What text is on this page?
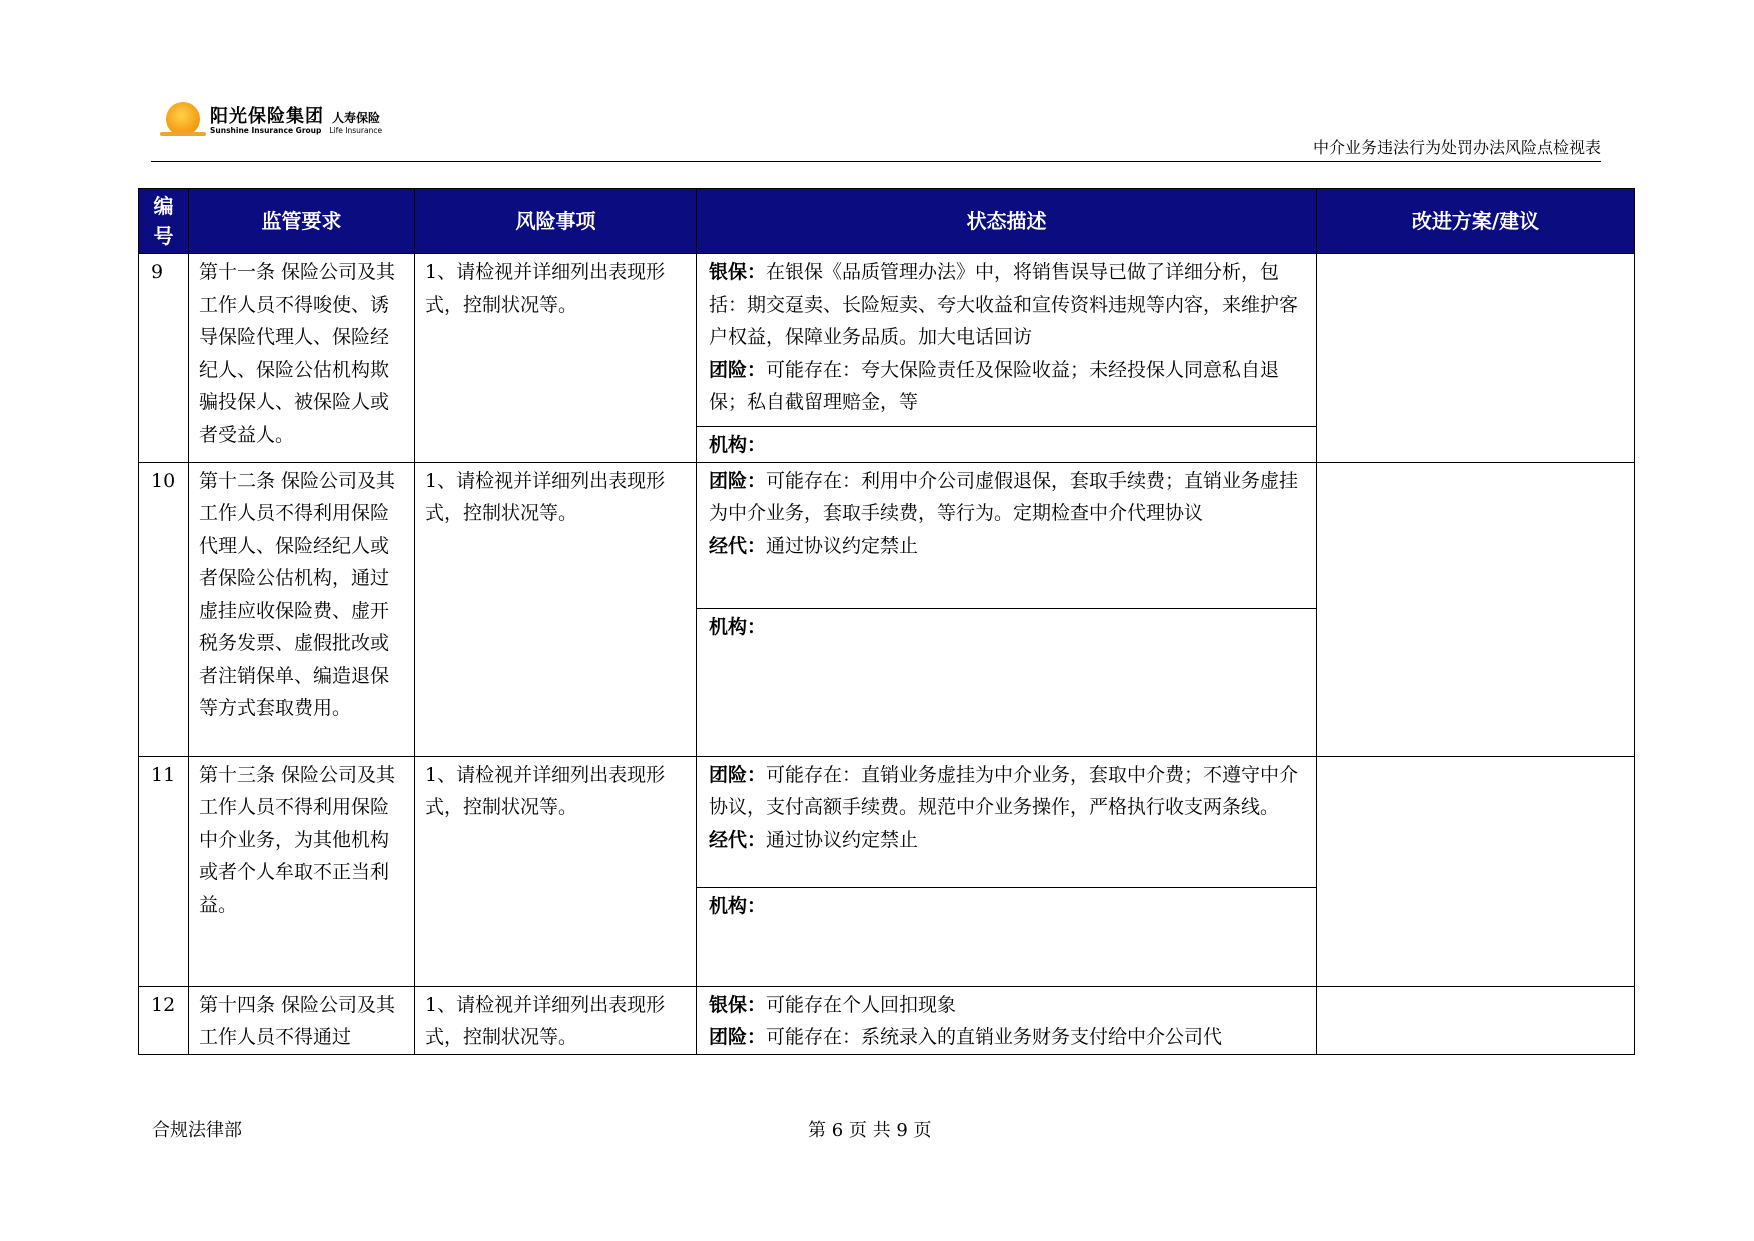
阳光保险集团 人寿保险
Sunshine Insurance Group Life Insurance
中介业务违法行为处罚办法风险点检视表
编
号	监管要求	风险事项	状态描述	改进方案/建议
9	第十一条 保险公司及其工作人员不得唆使、诱导保险代理人、保险经纪人、保险公估机构欺骗投保人、被保险人或者受益人。	1、请检视并详细列出表现形式，控制状况等。	银保：在银保《品质管理办法》中，将销售误导已做了详细分析，包括：期交趸卖、长险短卖、夸大收益和宣传资料违规等内容，来维护客户权益，保障业务品质。加大电话回访
团险：可能存在：夸大保险责任及保险收益；未经投保人同意私自退保；私自截留理赔金，等
机构：	

10	第十二条 保险公司及其工作人员不得利用保险代理人、保险经纪人或者保险公估机构，通过虚挂应收保险费、虚开税务发票、虚假批改或者注销保单、编造退保等方式套取费用。	1、请检视并详细列出表现形式，控制状况等。	团险：可能存在：利用中介公司虚假退保，套取手续费；直销业务虚挂为中介业务，套取手续费，等行为。定期检查中介代理协议
经代：通过协议约定禁止
机构：	

11	第十三条 保险公司及其工作人员不得利用保险中介业务，为其他机构或者个人牟取不正当利益。	1、请检视并详细列出表现形式，控制状况等。	团险：可能存在：直销业务虚挂为中介业务，套取中介费；不遵守中介协议，支付高额手续费。规范中介业务操作，严格执行收支两条线。
经代：通过协议约定禁止
机构：	

12	第十四条 保险公司及其工作人员不得通过	1、请检视并详细列出表现形式，控制状况等。	银保：可能存在个人回扣现象
团险：可能存在：系统录入的直销业务财务支付给中介公司代	

合规法律部	第 6 页 共 9 页
